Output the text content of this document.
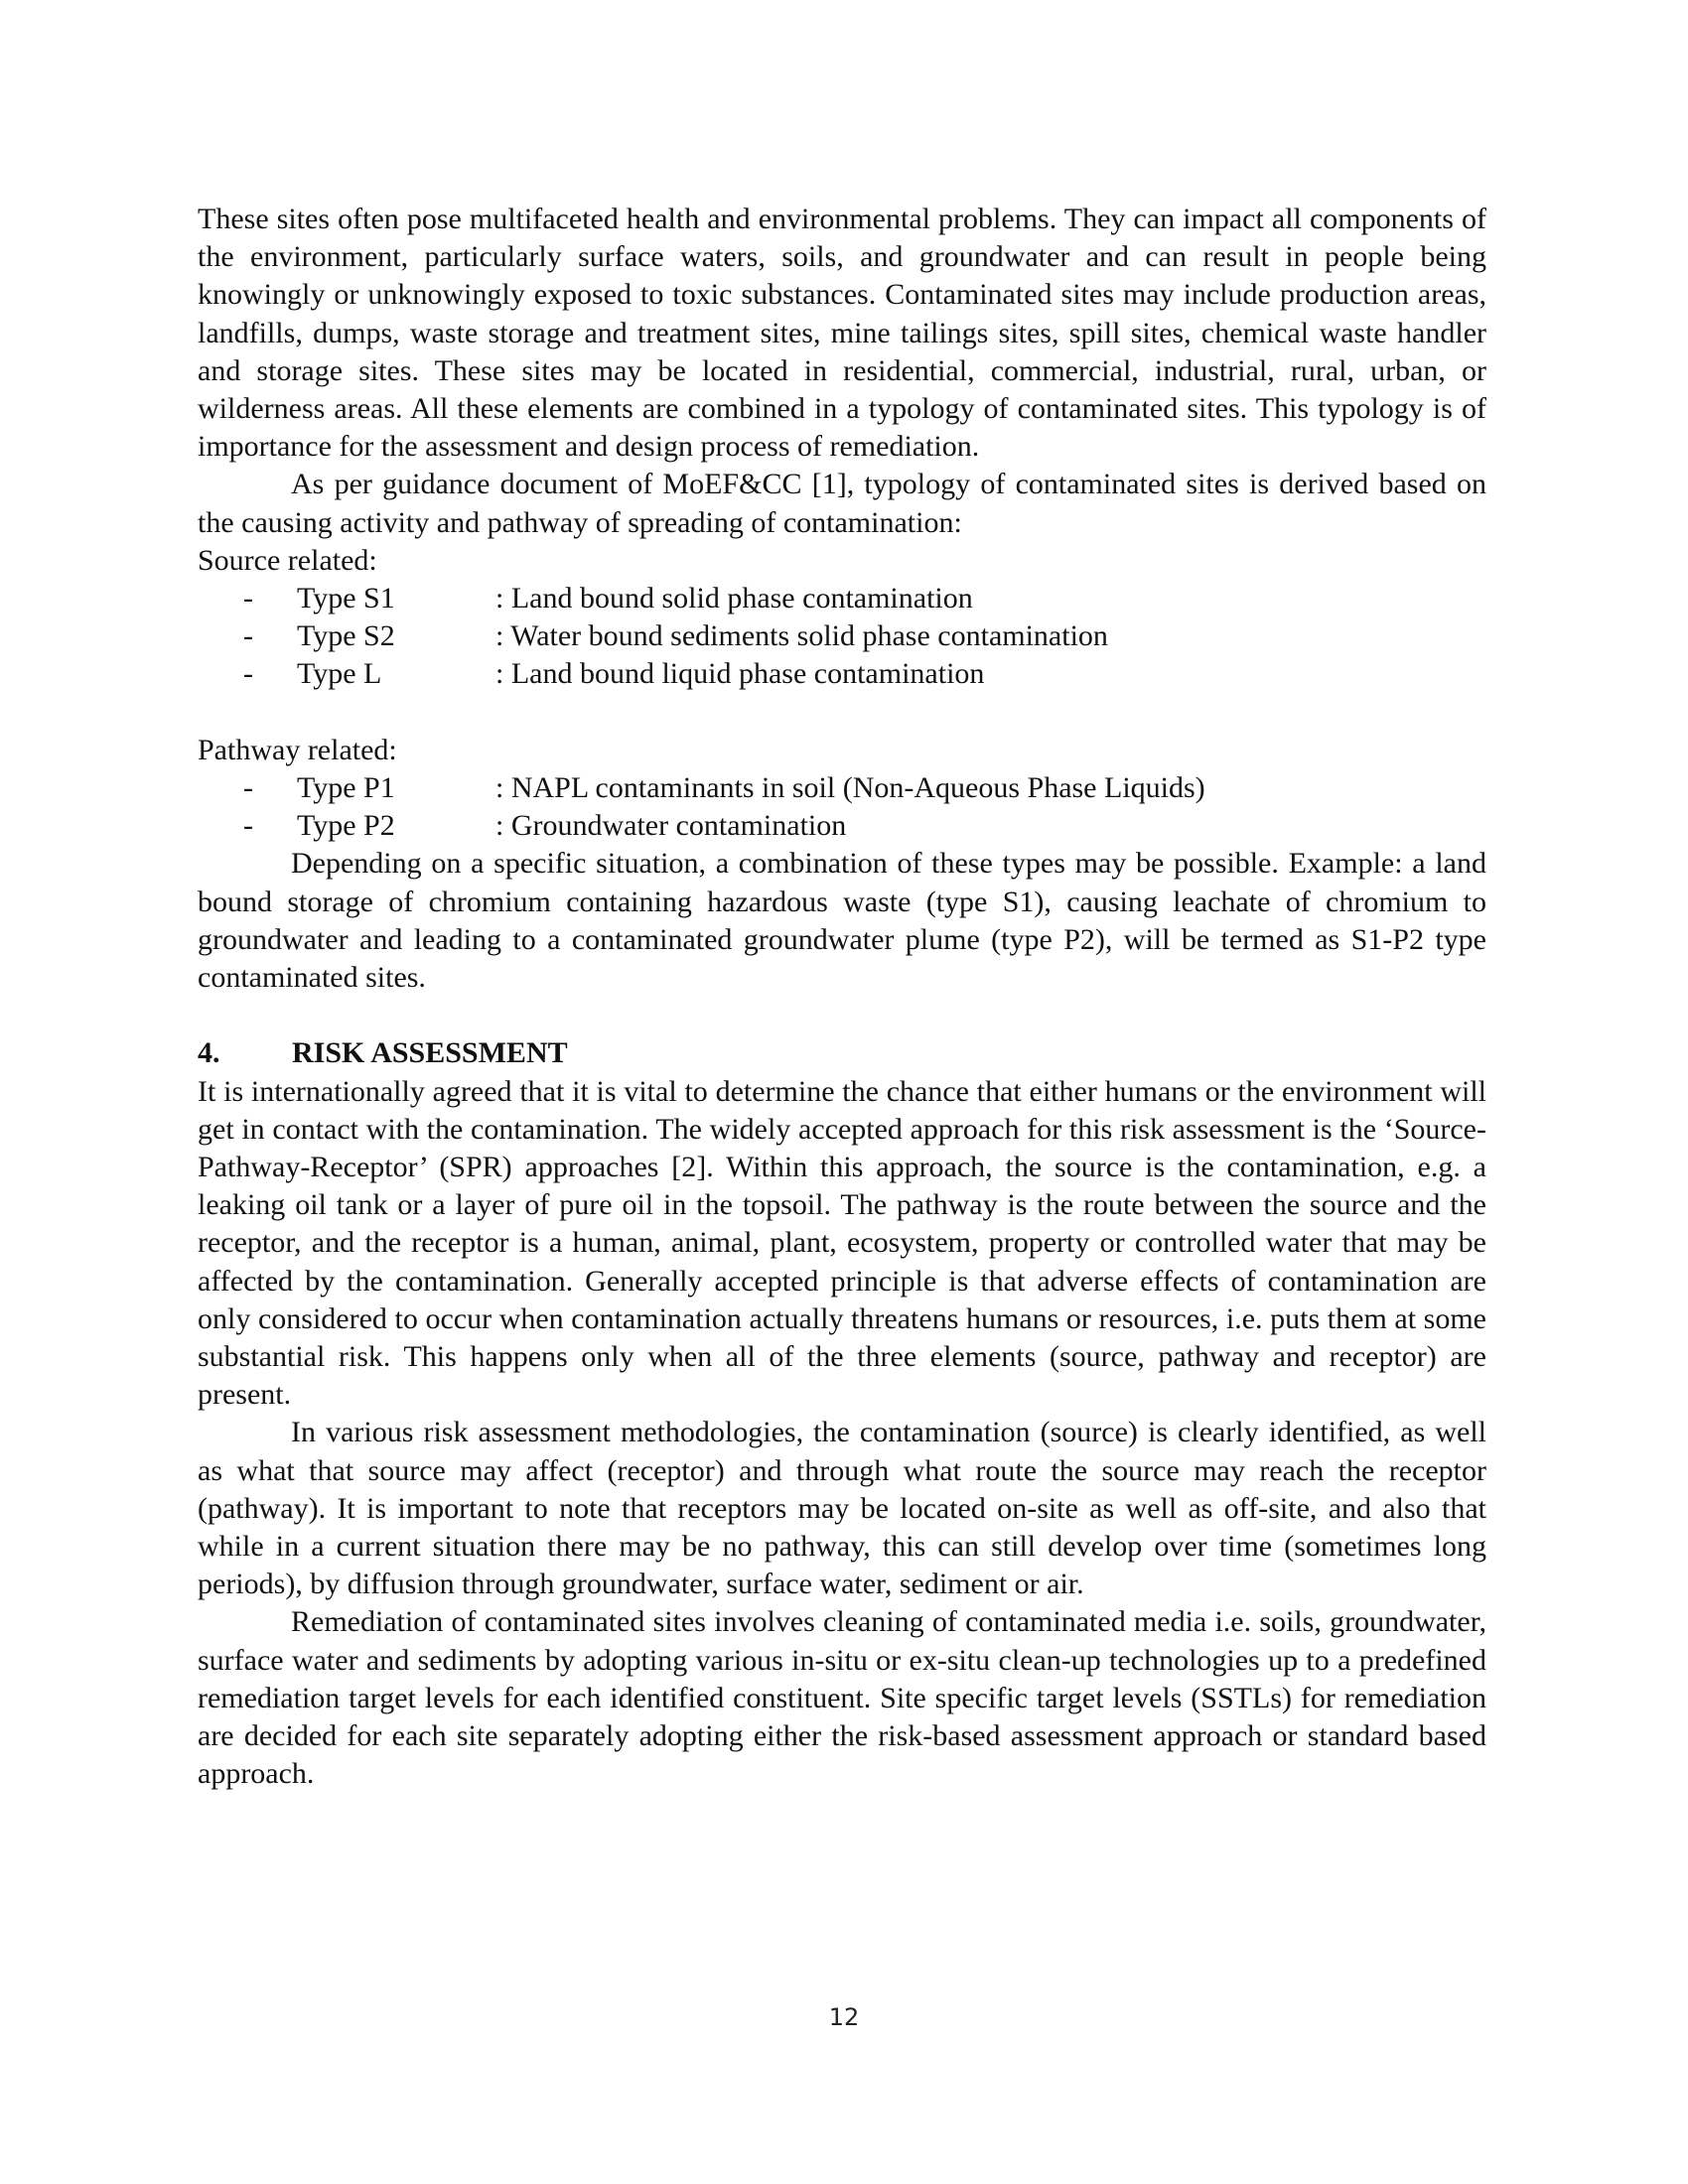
These sites often pose multifaceted health and environmental problems. They can impact all components of the environment, particularly surface waters, soils, and groundwater and can result in people being knowingly or unknowingly exposed to toxic substances. Contaminated sites may include production areas, landfills, dumps, waste storage and treatment sites, mine tailings sites, spill sites, chemical waste handler and storage sites. These sites may be located in residential, commercial, industrial, rural, urban, or wilderness areas. All these elements are combined in a typology of contaminated sites. This typology is of importance for the assessment and design process of remediation.

As per guidance document of MoEF&CC [1], typology of contaminated sites is derived based on the causing activity and pathway of spreading of contamination:

Source related:
-	Type S1	: Land bound solid phase contamination
-	Type S2	: Water bound sediments solid phase contamination
-	Type L	: Land bound liquid phase contamination
Pathway related:
-	Type P1	: NAPL contaminants in soil (Non-Aqueous Phase Liquids)
-	Type P2	: Groundwater contamination

Depending on a specific situation, a combination of these types may be possible. Example: a land bound storage of chromium containing hazardous waste (type S1), causing leachate of chromium to groundwater and leading to a contaminated groundwater plume (type P2), will be termed as S1-P2 type contaminated sites.

4.	RISK ASSESSMENT

It is internationally agreed that it is vital to determine the chance that either humans or the environment will get in contact with the contamination. The widely accepted approach for this risk assessment is the ‘Source-Pathway-Receptor’ (SPR) approaches [2]. Within this approach, the source is the contamination, e.g. a leaking oil tank or a layer of pure oil in the topsoil. The pathway is the route between the source and the receptor, and the receptor is a human, animal, plant, ecosystem, property or controlled water that may be affected by the contamination. Generally accepted principle is that adverse effects of contamination are only considered to occur when contamination actually threatens humans or resources, i.e. puts them at some substantial risk. This happens only when all of the three elements (source, pathway and receptor) are present.

In various risk assessment methodologies, the contamination (source) is clearly identified, as well as what that source may affect (receptor) and through what route the source may reach the receptor (pathway). It is important to note that receptors may be located on-site as well as off-site, and also that while in a current situation there may be no pathway, this can still develop over time (sometimes long periods), by diffusion through groundwater, surface water, sediment or air.

Remediation of contaminated sites involves cleaning of contaminated media i.e. soils, groundwater, surface water and sediments by adopting various in-situ or ex-situ clean-up technologies up to a predefined remediation target levels for each identified constituent. Site specific target levels (SSTLs) for remediation are decided for each site separately adopting either the risk-based assessment approach or standard based approach.

12
